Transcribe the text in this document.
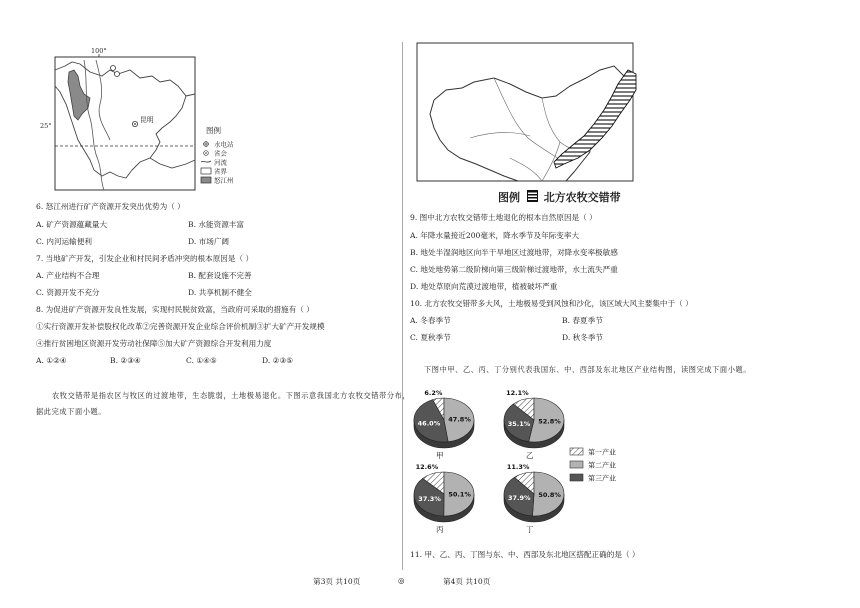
100°
25°
昆明
图例
水电站
省会
河流
省界
怒江州
6. 怒江州进行矿产资源开发突出优势为（ ）
A. 矿产资源蕴藏量大	B. 水能资源丰富
C. 内河运输便利	D. 市场广阔
7. 当地矿产开发，引发企业和村民间矛盾冲突的根本原因是（ ）
A. 产业结构不合理	B. 配套设施不完善
C. 资源开发不充分	D. 共享机制不健全
8. 为促进矿产资源开发良性发展，实现村民脱贫致富，当政府可采取的措施有（ ）
①实行资源开发补偿股权化改革②完善资源开发企业综合评价机制③扩大矿产开发规模
④推行贫困地区资源开发劳动社保障⑤加大矿产资源综合开发利用力度
A. ①②④	B. ②③④	C. ①④⑤	D. ②③⑤
农牧交错带是指农区与牧区的过渡地带，生态脆弱，土地极易退化。下图示意我国北方农牧交错带分布，
据此完成下面小题。
图例 北方农牧交错带
9. 图中北方农牧交错带土地退化的根本自然原因是（ ）
A. 年降水量接近200毫米，降水季节及年际变率大
B. 地处半湿润地区向半干旱地区过渡地带，对降水变率极敏感
C. 地处地势第二级阶梯向第三级阶梯过渡地带，水土流失严重
D. 地处草原向荒漠过渡地带，植被破坏严重
10. 北方农牧交错带多大风，土地极易受到风蚀和沙化，该区域大风主要集中于（ ）
A. 冬春季节	B. 春夏季节
C. 夏秋季节	D. 秋冬季节
下图中甲、乙、丙、丁分别代表我国东、中、西部及东北地区产业结构图，读图完成下面小题。
6.2%
47.8%
46.0%
甲
12.1%
52.8%
35.1%
乙
12.6%
50.1%
37.3%
丙
11.3%
50.8%
37.9%
丁
第一产业
第二产业
第三产业
11. 甲、乙、丙、丁图与东、中、西部及东北地区搭配正确的是（ ）
第3页 共10页	◎	第4页 共10页
